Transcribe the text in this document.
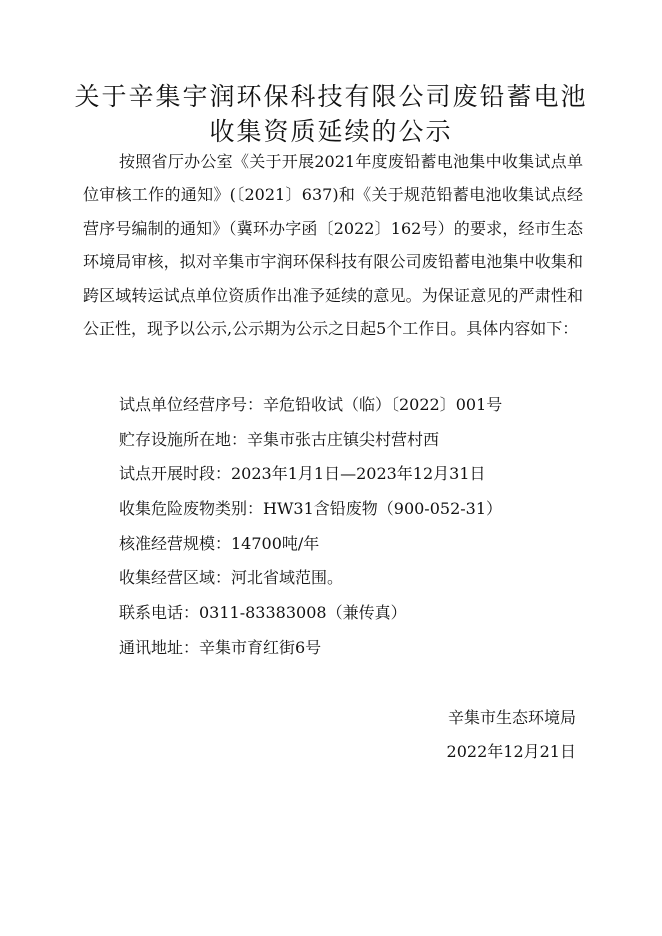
关于辛集宇润环保科技有限公司废铅蓄电池
收集资质延续的公示

按照省厅办公室《关于开展2021年度废铅蓄电池集中收集试点单位审核工作的通知》(〔2021〕637)和《关于规范铅蓄电池收集试点经营序号编制的通知》（冀环办字函〔2022〕162号）的要求，经市生态环境局审核，拟对辛集市宇润环保科技有限公司废铅蓄电池集中收集和跨区域转运试点单位资质作出准予延续的意见。为保证意见的严肃性和公正性，现予以公示,公示期为公示之日起5个工作日。具体内容如下：

试点单位经营序号：辛危铅收试（临）〔2022〕001号

贮存设施所在地：辛集市张古庄镇尖村营村西

试点开展时段：2023年1月1日—2023年12月31日

收集危险废物类别：HW31含铅废物（900-052-31）

核准经营规模：14700吨/年

收集经营区域：河北省域范围。

联系电话：0311-83383008（兼传真）

通讯地址：辛集市育红街6号

辛集市生态环境局
2022年12月21日
